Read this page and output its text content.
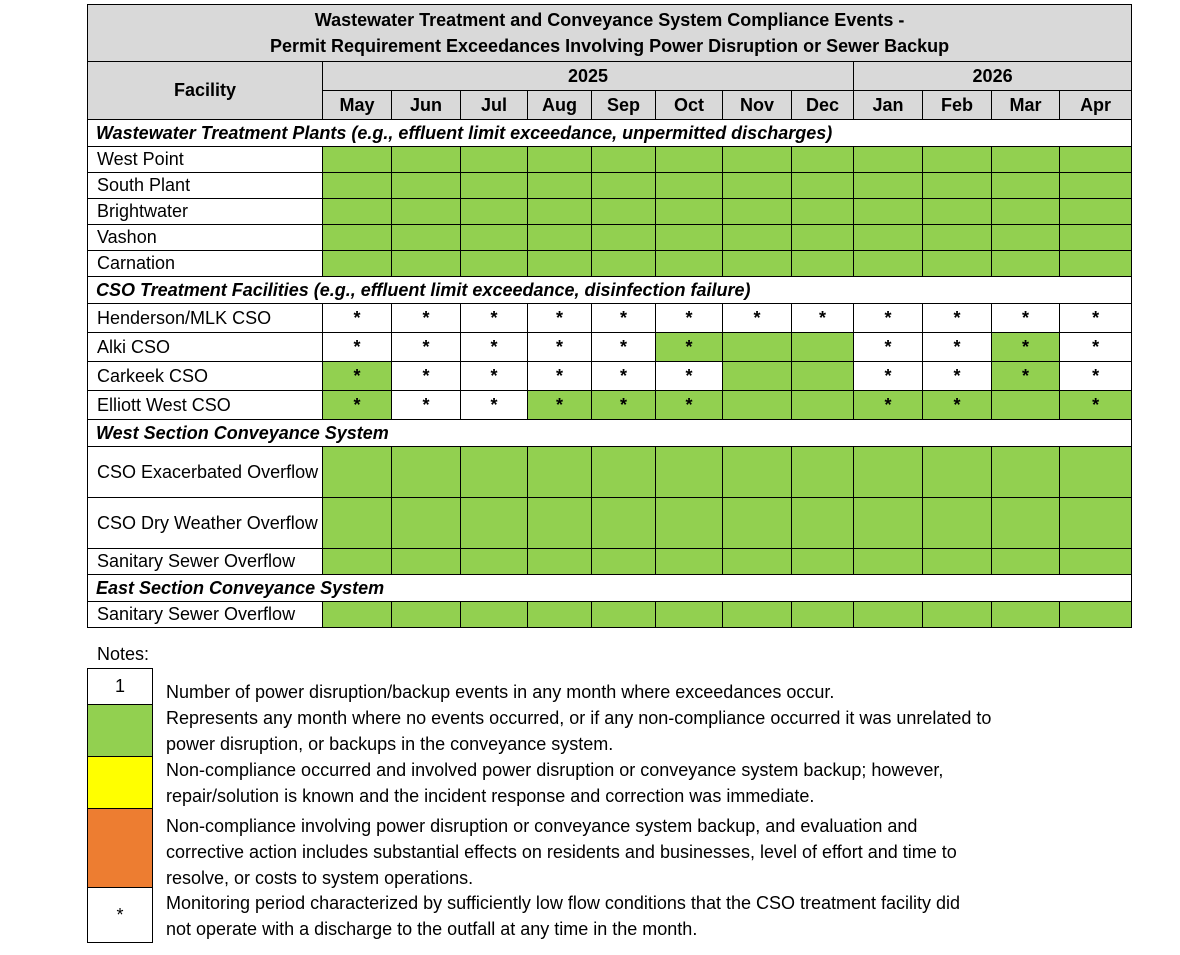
Wastewater Treatment and Conveyance System Compliance Events -
Permit Requirement Exceedances Involving Power Disruption or Sewer Backup												

Facility	2025								2026			
	May	Jun	Jul	Aug	Sep	Oct	Nov	Dec	Jan	Feb	Mar	Apr
Wastewater Treatment Plants (e.g., effluent limit exceedance, unpermitted discharges)												
West Point												
South Plant												
Brightwater												
Vashon												
Carnation												
CSO Treatment Facilities (e.g., effluent limit exceedance, disinfection failure)												
Henderson/MLK CSO	*	*	*	*	*	*	*	*	*	*	*	*
Alki CSO	*	*	*	*	*	*			*	*	*	*
Carkeek CSO	*	*	*	*	*	*			*	*	*	*
Elliott West CSO	*	*	*	*	*	*			*	*		*
West Section Conveyance System												
CSO Exacerbated Overflow												
CSO Dry Weather Overflow												
Sanitary Sewer Overflow												
East Section Conveyance System												
Sanitary Sewer Overflow												
Notes:
1	Number of power disruption/backup events in any month where exceedances occur.
Represents any month where no events occurred, or if any non-compliance occurred it was unrelated to
power disruption, or backups in the conveyance system.
Non-compliance occurred and involved power disruption or conveyance system backup; however,
repair/solution is known and the incident response and correction was immediate.
Non-compliance involving power disruption or conveyance system backup, and evaluation and
corrective action includes substantial effects on residents and businesses, level of effort and time to
resolve, or costs to system operations.
*
Monitoring period characterized by sufficiently low flow conditions that the CSO treatment facility did
not operate with a discharge to the outfall at any time in the month.
